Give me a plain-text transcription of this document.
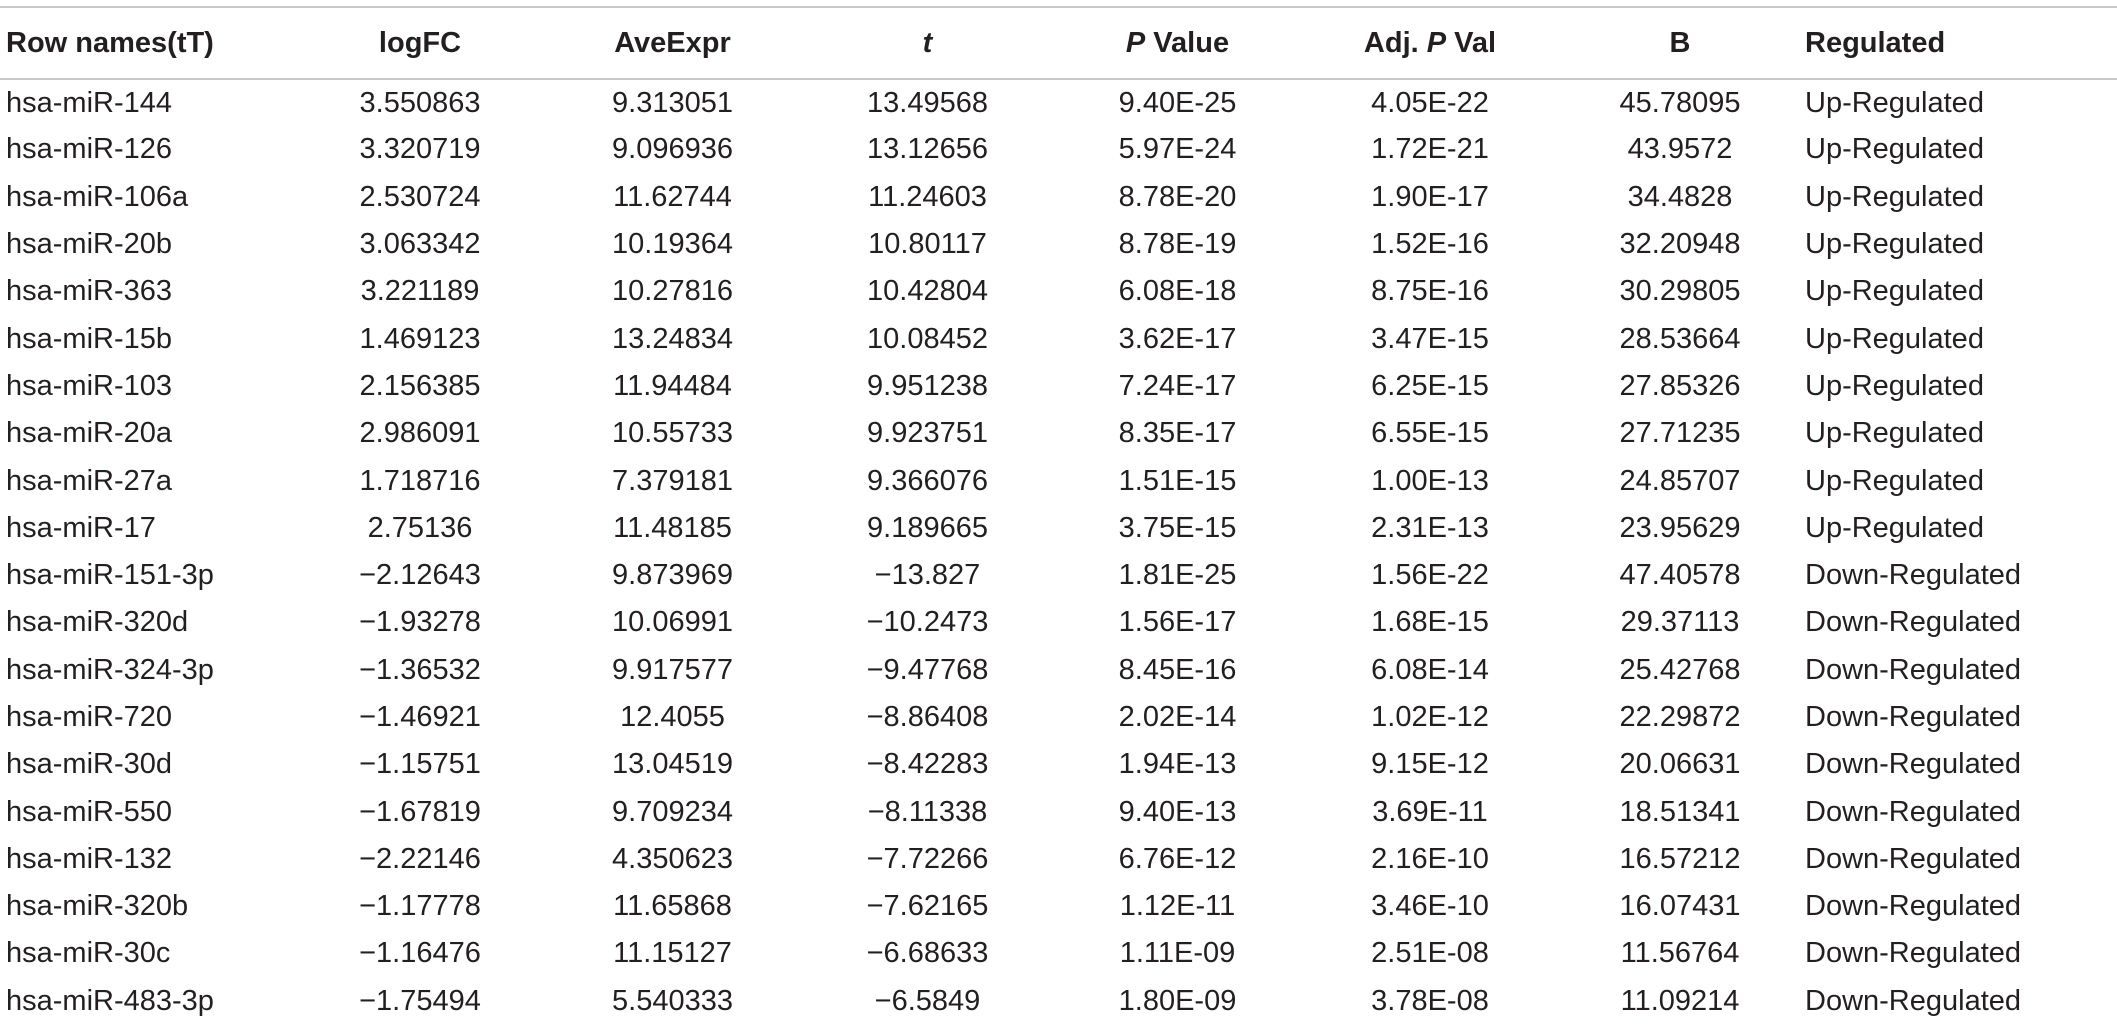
Row names(tT)	logFC	AveExpr	t	P Value	Adj. P Val	B	Regulated
hsa-miR-144	3.550863	9.313051	13.49568	9.40E-25	4.05E-22	45.78095	Up-Regulated
hsa-miR-126	3.320719	9.096936	13.12656	5.97E-24	1.72E-21	43.9572	Up-Regulated
hsa-miR-106a	2.530724	11.62744	11.24603	8.78E-20	1.90E-17	34.4828	Up-Regulated
hsa-miR-20b	3.063342	10.19364	10.80117	8.78E-19	1.52E-16	32.20948	Up-Regulated
hsa-miR-363	3.221189	10.27816	10.42804	6.08E-18	8.75E-16	30.29805	Up-Regulated
hsa-miR-15b	1.469123	13.24834	10.08452	3.62E-17	3.47E-15	28.53664	Up-Regulated
hsa-miR-103	2.156385	11.94484	9.951238	7.24E-17	6.25E-15	27.85326	Up-Regulated
hsa-miR-20a	2.986091	10.55733	9.923751	8.35E-17	6.55E-15	27.71235	Up-Regulated
hsa-miR-27a	1.718716	7.379181	9.366076	1.51E-15	1.00E-13	24.85707	Up-Regulated
hsa-miR-17	2.75136	11.48185	9.189665	3.75E-15	2.31E-13	23.95629	Up-Regulated
hsa-miR-151-3p	−2.12643	9.873969	−13.827	1.81E-25	1.56E-22	47.40578	Down-Regulated
hsa-miR-320d	−1.93278	10.06991	−10.2473	1.56E-17	1.68E-15	29.37113	Down-Regulated
hsa-miR-324-3p	−1.36532	9.917577	−9.47768	8.45E-16	6.08E-14	25.42768	Down-Regulated
hsa-miR-720	−1.46921	12.4055	−8.86408	2.02E-14	1.02E-12	22.29872	Down-Regulated
hsa-miR-30d	−1.15751	13.04519	−8.42283	1.94E-13	9.15E-12	20.06631	Down-Regulated
hsa-miR-550	−1.67819	9.709234	−8.11338	9.40E-13	3.69E-11	18.51341	Down-Regulated
hsa-miR-132	−2.22146	4.350623	−7.72266	6.76E-12	2.16E-10	16.57212	Down-Regulated
hsa-miR-320b	−1.17778	11.65868	−7.62165	1.12E-11	3.46E-10	16.07431	Down-Regulated
hsa-miR-30c	−1.16476	11.15127	−6.68633	1.11E-09	2.51E-08	11.56764	Down-Regulated
hsa-miR-483-3p	−1.75494	5.540333	−6.5849	1.80E-09	3.78E-08	11.09214	Down-Regulated
